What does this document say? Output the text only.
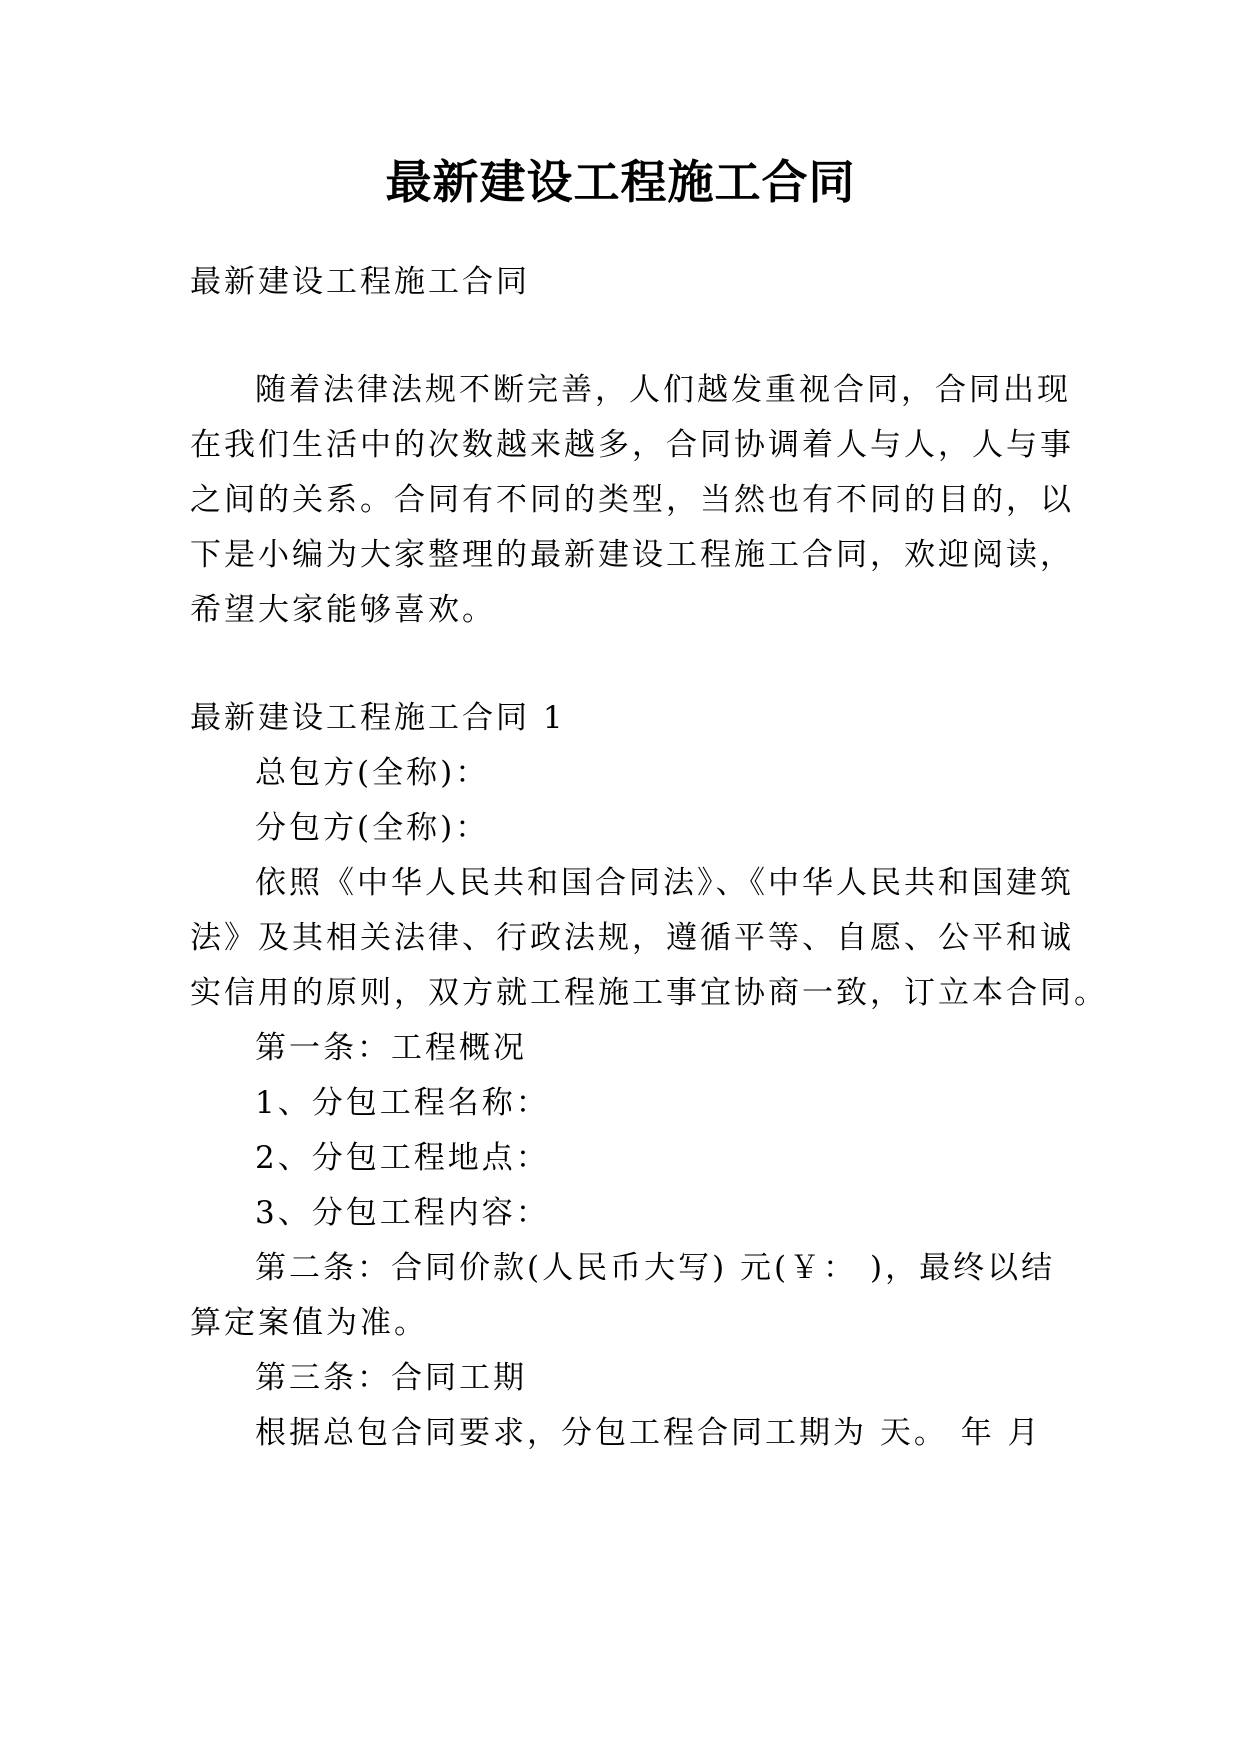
最新建设工程施工合同
最新建设工程施工合同
随着法律法规不断完善，人们越发重视合同，合同出现
在我们生活中的次数越来越多，合同协调着人与人，人与事
之间的关系。合同有不同的类型，当然也有不同的目的，以
下是小编为大家整理的最新建设工程施工合同，欢迎阅读，
希望大家能够喜欢。
最新建设工程施工合同 1
总包方(全称)：
分包方(全称)：
依照《中华人民共和国合同法》、《中华人民共和国建筑
法》及其相关法律、行政法规，遵循平等、自愿、公平和诚
实信用的原则，双方就工程施工事宜协商一致，订立本合同。
第一条：工程概况
1、分包工程名称：
2、分包工程地点：
3、分包工程内容：
第二条：合同价款(人民币大写) 元(￥： )，最终以结
算定案值为准。
第三条：合同工期
根据总包合同要求，分包工程合同工期为 天。 年 月
